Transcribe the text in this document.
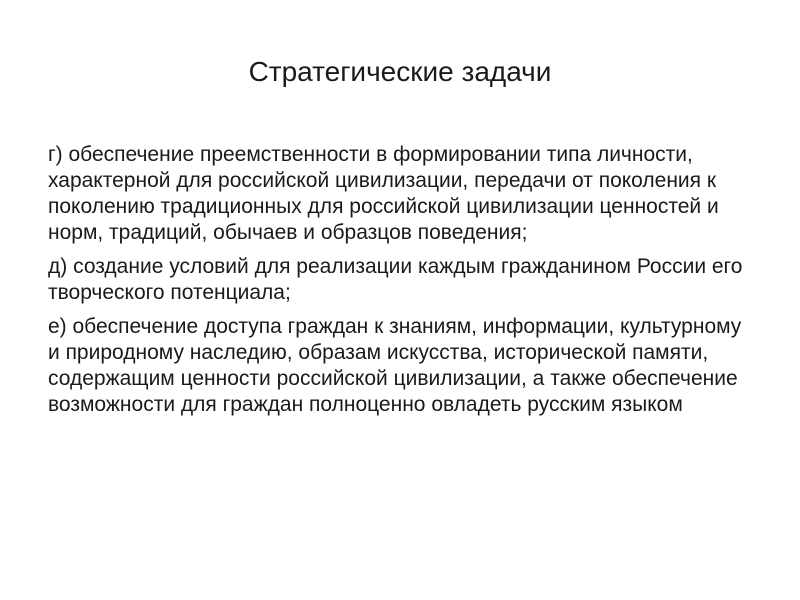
Стратегические задачи

г) обеспечение преемственности в формировании типа личности, характерной для российской цивилизации, передачи от поколения к поколению традиционных для российской цивилизации ценностей и норм, традиций, обычаев и образцов поведения;

д) создание условий для реализации каждым гражданином России его творческого потенциала;

е) обеспечение доступа граждан к знаниям, информации, культурному и природному наследию, образам искусства, исторической памяти, содержащим ценности российской цивилизации, а также обеспечение возможности для граждан полноценно овладеть русским языком
